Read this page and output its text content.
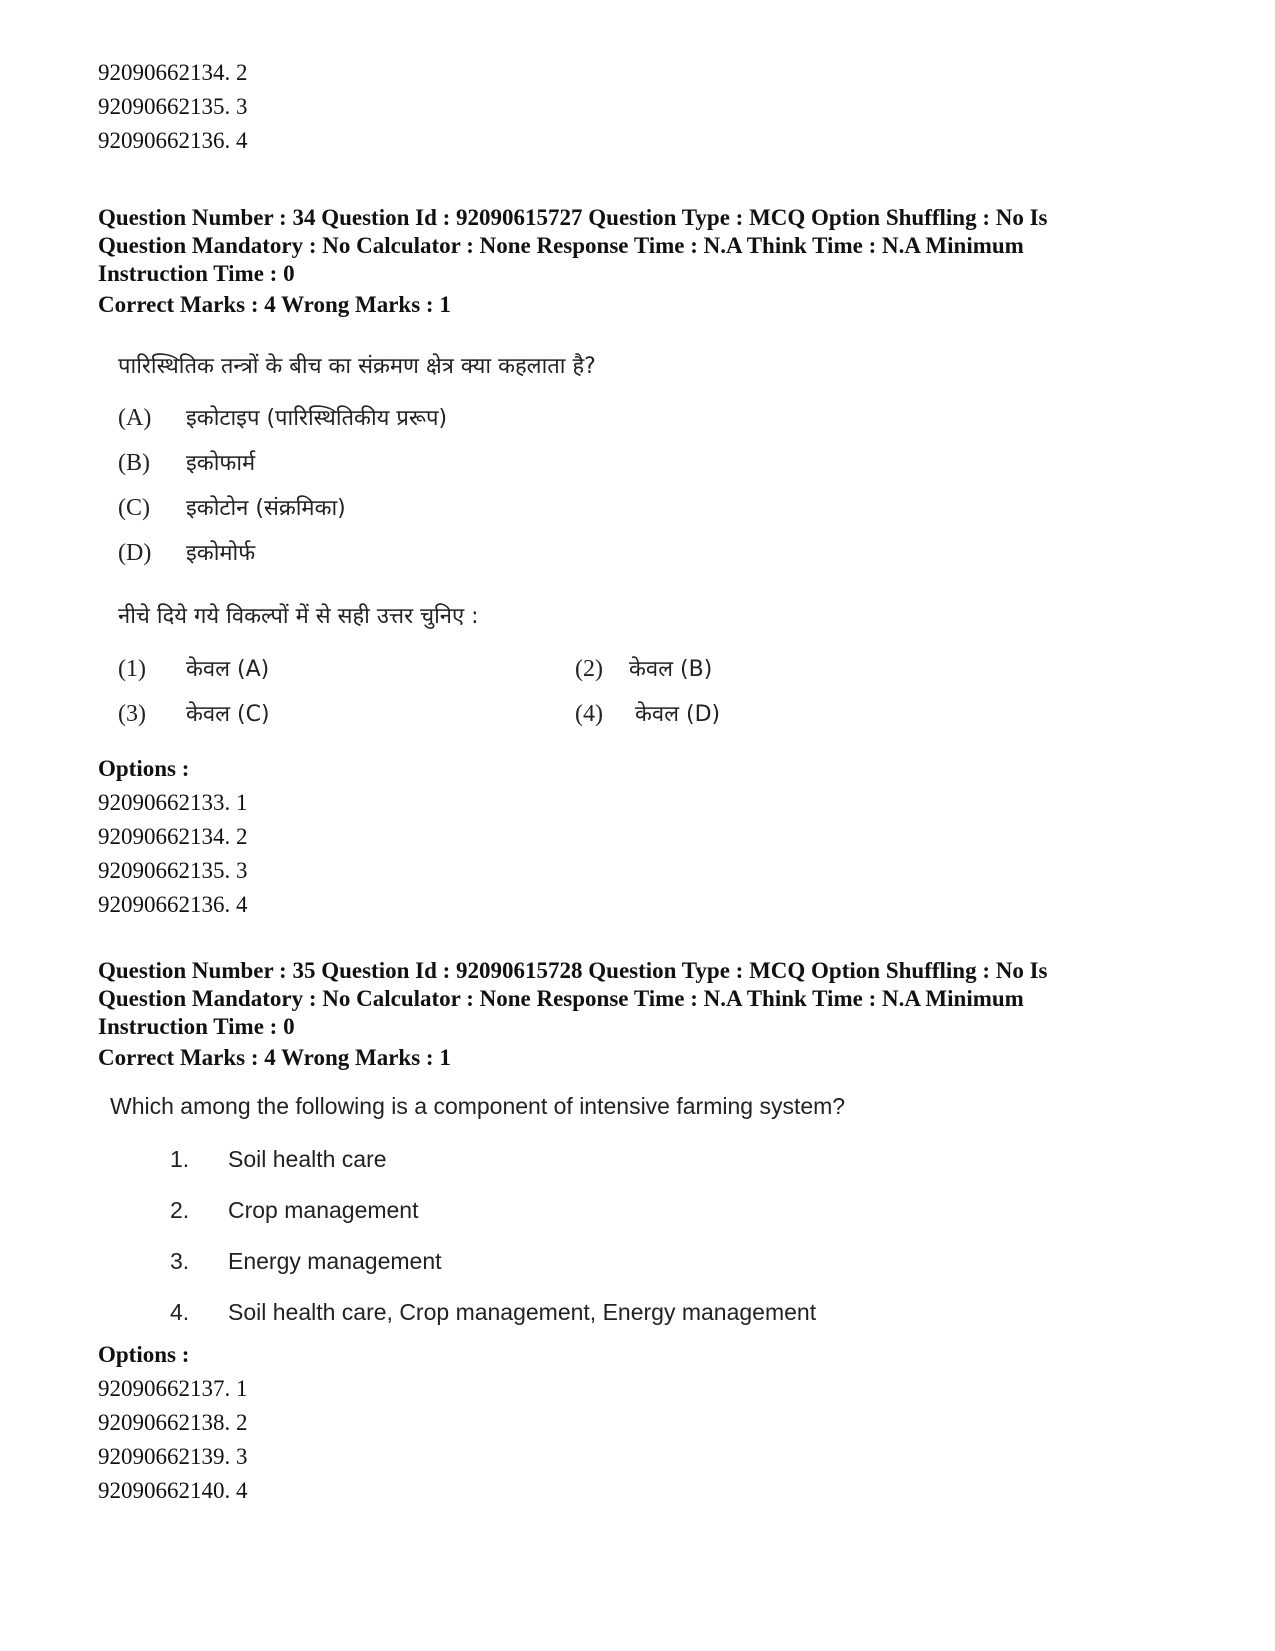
92090662134. 2
92090662135. 3
92090662136. 4
Question Number : 34 Question Id : 92090615727 Question Type : MCQ Option Shuffling : No Is
Question Mandatory : No Calculator : None Response Time : N.A Think Time : N.A Minimum
Instruction Time : 0
Correct Marks : 4 Wrong Marks : 1
पारिस्थितिक तन्त्रों के बीच का संक्रमण क्षेत्र क्या कहलाता है?
(A) इकोटाइप (पारिस्थितिकीय प्ररूप)
(B) इकोफार्म
(C) इकोटोन (संक्रमिका)
(D) इकोमोर्फ
नीचे दिये गये विकल्पों में से सही उत्तर चुनिए :
(1) केवल (A)	(2) केवल (B)
(3) केवल (C)	(4) केवल (D)
Options :
92090662133. 1
92090662134. 2
92090662135. 3
92090662136. 4
Question Number : 35 Question Id : 92090615728 Question Type : MCQ Option Shuffling : No Is
Question Mandatory : No Calculator : None Response Time : N.A Think Time : N.A Minimum
Instruction Time : 0
Correct Marks : 4 Wrong Marks : 1
Which among the following is a component of intensive farming system?
1. Soil health care
2. Crop management
3. Energy management
4. Soil health care, Crop management, Energy management
Options :
92090662137. 1
92090662138. 2
92090662139. 3
92090662140. 4
